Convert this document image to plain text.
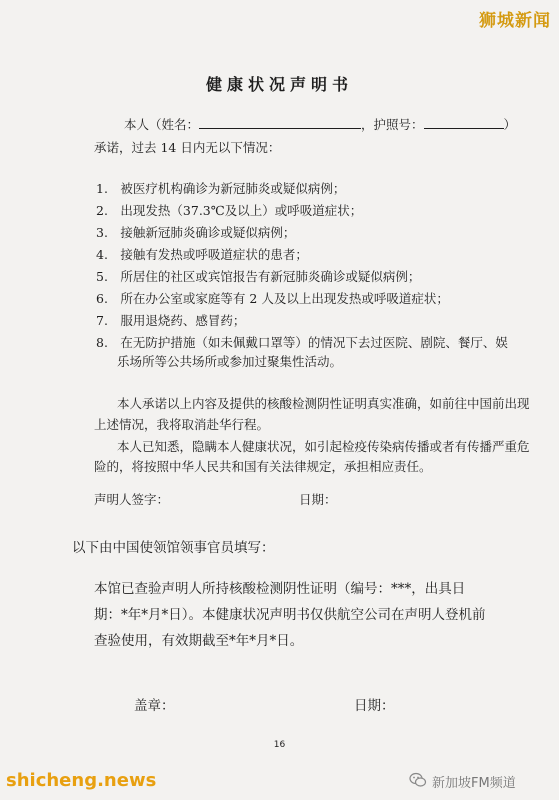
狮城新闻
健康状况声明书
本人（姓名：	，护照号：	）
承诺，过去 14 日内无以下情况：
1.　被医疗机构确诊为新冠肺炎或疑似病例；
2.　出现发热（37.3℃及以上）或呼吸道症状；
3.　接触新冠肺炎确诊或疑似病例；
4.　接触有发热或呼吸道症状的患者；
5.　所居住的社区或宾馆报告有新冠肺炎确诊或疑似病例；
6.　所在办公室或家庭等有 2 人及以上出现发热或呼吸道症状；
7.　服用退烧药、感冒药；
8.　在无防护措施（如未佩戴口罩等）的情况下去过医院、剧院、餐厅、娱
乐场所等公共场所或参加过聚集性活动。
本人承诺以上内容及提供的核酸检测阴性证明真实准确，如前往中国前出现
上述情况，我将取消赴华行程。
本人已知悉，隐瞒本人健康状况，如引起检疫传染病传播或者有传播严重危
险的，将按照中华人民共和国有关法律规定，承担相应责任。
声明人签字：	日期：
以下由中国使领馆领事官员填写：
本馆已查验声明人所持核酸检测阴性证明（编号：***，出具日
期：*年*月*日）。本健康状况声明书仅供航空公司在声明人登机前
查验使用，有效期截至*年*月*日。
盖章：	日期：
16
shicheng.news	新加坡FM频道
